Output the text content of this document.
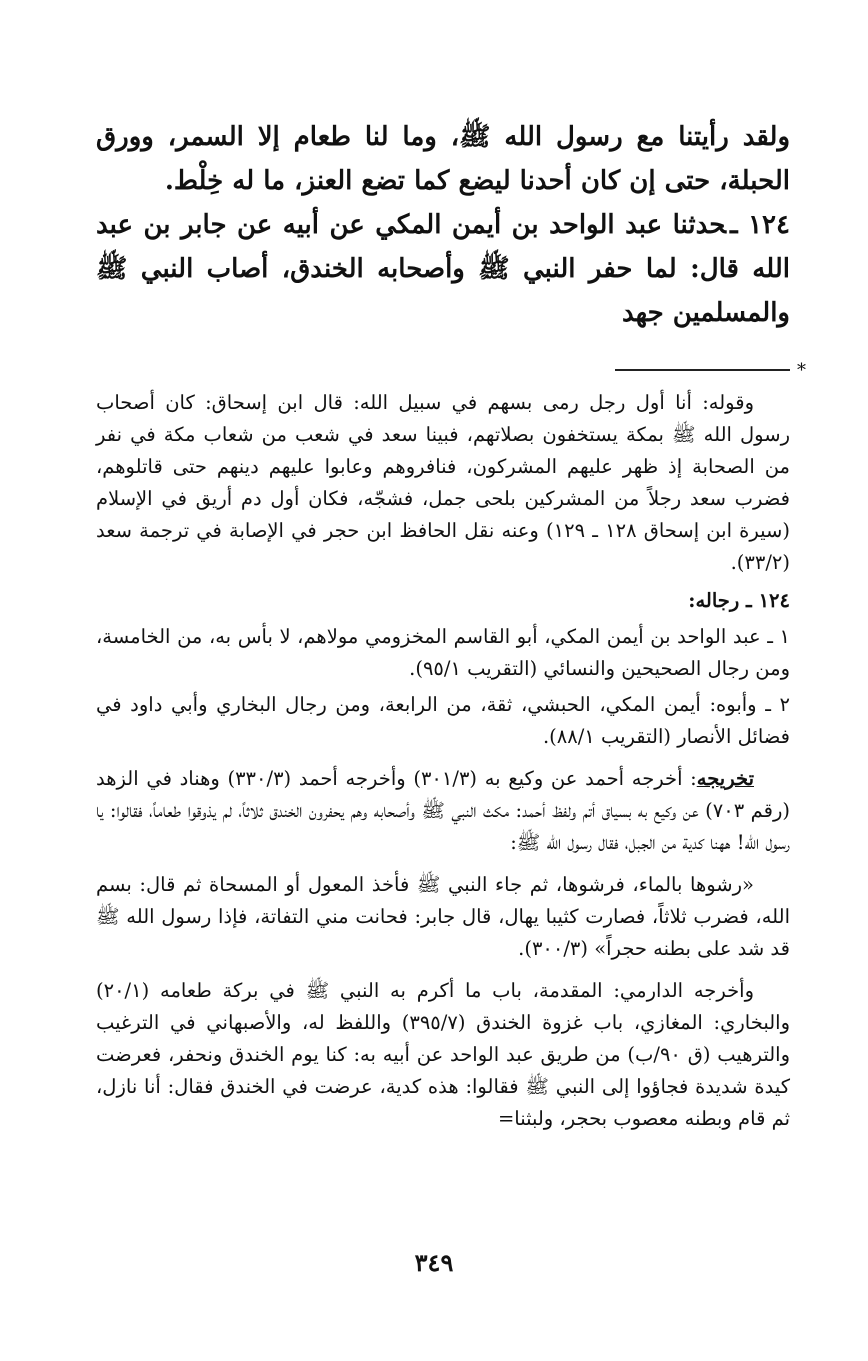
ولقد رأيتنا مع رسول الله ﷺ، وما لنا طعام إلا السمر، وورق الحبلة، حتى إن كان أحدنا ليضع كما تضع العنز، ما له خِلْط.

١٢٤ ـحدثنا عبد الواحد بن أيمن المكي عن أبيه عن جابر بن عبد الله قال: لما حفر النبي ﷺ وأصحابه الخندق، أصاب النبي ﷺ والمسلمين جهد

*

وقوله: أنا أول رجل رمى بسهم في سبيل الله: قال ابن إسحاق: كان أصحاب رسول الله ﷺ بمكة يستخفون بصلاتهم، فبينا سعد في شعب من شعاب مكة في نفر من الصحابة إذ ظهر عليهم المشركون، فنافروهم وعابوا عليهم دينهم حتى قاتلوهم، فضرب سعد رجلاً من المشركين بلحى جمل، فشجّه، فكان أول دم أريق في الإسلام (سيرة ابن إسحاق ١٢٨ ـ ١٢٩) وعنه نقل الحافظ ابن حجر في الإصابة في ترجمة سعد (٣٣/٢).

١٢٤ ـ رجاله:

١ ـ عبد الواحد بن أيمن المكي، أبو القاسم المخزومي مولاهم، لا بأس به، من الخامسة، ومن رجال الصحيحين والنسائي (التقريب ٩٥/١).

٢ ـ وأبوه: أيمن المكي، الحبشي، ثقة، من الرابعة، ومن رجال البخاري وأبي داود في فضائل الأنصار (التقريب ٨٨/١).

تخريجه: أخرجه أحمد عن وكيع به (٣٠١/٣) وأخرجه أحمد (٣٣٠/٣) وهناد في الزهد (رقم ٧٠٣) عن وكيع به بسياق أتم ولفظ أحمد: مكث النبي ﷺ وأصحابه وهم يحفرون الخندق ثلاثاً، لم يذوقوا طعاماً، فقالوا: يا رسول الله! ههنا كدية من الجبل، فقال رسول الله ﷺ:

«رشوها بالماء، فرشوها، ثم جاء النبي ﷺ فأخذ المعول أو المسحاة ثم قال: بسم الله، فضرب ثلاثاً، فصارت كثيبا يهال، قال جابر: فحانت مني التفاتة، فإذا رسول الله ﷺ قد شد على بطنه حجراً» (٣٠٠/٣).

وأخرجه الدارمي: المقدمة، باب ما أكرم به النبي ﷺ في بركة طعامه (٢٠/١) والبخاري: المغازي، باب غزوة الخندق (٣٩٥/٧) واللفظ له، والأصبهاني في الترغيب والترهيب (ق ٩٠/ب) من طريق عبد الواحد عن أبيه به: كنا يوم الخندق ونحفر، فعرضت كيدة شديدة فجاؤوا إلى النبي ﷺ فقالوا: هذه كدية، عرضت في الخندق فقال: أنا نازل، ثم قام وبطنه معصوب بحجر، ولبثنا=

٣٤٩
